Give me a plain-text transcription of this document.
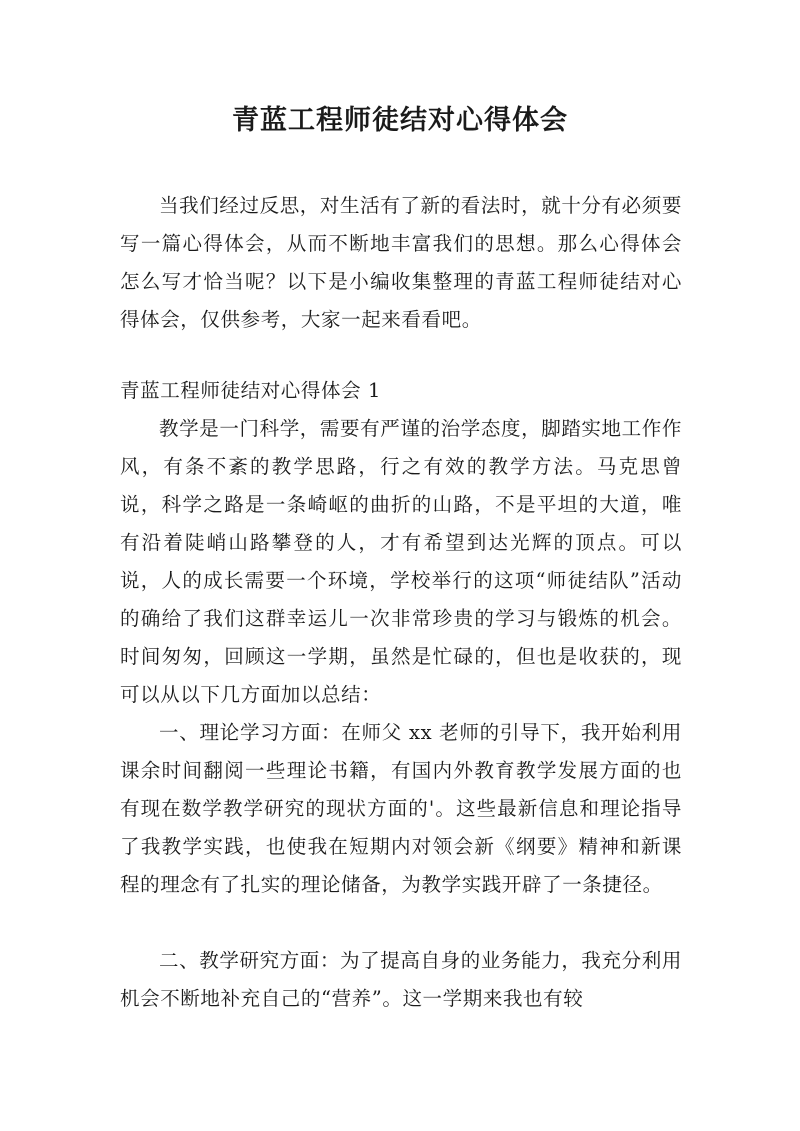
青蓝工程师徒结对心得体会

当我们经过反思，对生活有了新的看法时，就十分有必须要写一篇心得体会，从而不断地丰富我们的思想。那么心得体会怎么写才恰当呢？以下是小编收集整理的青蓝工程师徒结对心得体会，仅供参考，大家一起来看看吧。

青蓝工程师徒结对心得体会 1

教学是一门科学，需要有严谨的治学态度，脚踏实地工作作风，有条不紊的教学思路，行之有效的教学方法。马克思曾说，科学之路是一条崎岖的曲折的山路，不是平坦的大道，唯有沿着陡峭山路攀登的人，才有希望到达光辉的顶点。可以说，人的成长需要一个环境，学校举行的这项“师徒结队”活动的确给了我们这群幸运儿一次非常珍贵的学习与锻炼的机会。时间匆匆，回顾这一学期，虽然是忙碌的，但也是收获的，现可以从以下几方面加以总结：

一、理论学习方面：在师父 xx 老师的引导下，我开始利用课余时间翻阅一些理论书籍，有国内外教育教学发展方面的也有现在数学教学研究的现状方面的'。这些最新信息和理论指导了我教学实践，也使我在短期内对领会新《纲要》精神和新课程的理念有了扎实的理论储备，为教学实践开辟了一条捷径。

二、教学研究方面：为了提高自身的业务能力，我充分利用机会不断地补充自己的“营养”。这一学期来我也有较
